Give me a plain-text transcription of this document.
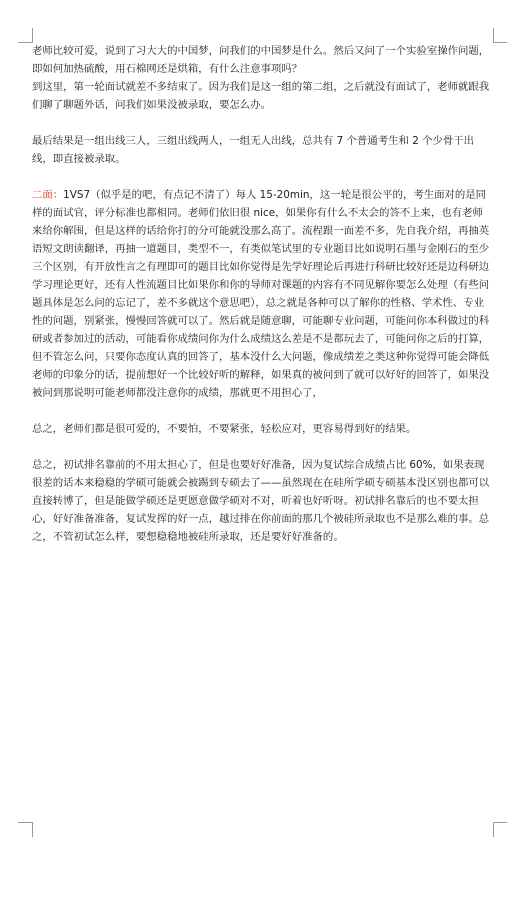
老师比较可爱，说到了习大大的中国梦，问我们的中国梦是什么。然后又问了一个实验室操作问题，即如何加热硫酸，用石棉网还是烘箱，有什么注意事项吗？

到这里，第一轮面试就差不多结束了。因为我们是这一组的第二组，之后就没有面试了，老师就跟我们聊了聊题外话，问我们如果没被录取，要怎么办。

最后结果是一组出线三人，三组出线两人，一组无人出线，总共有 7 个普通考生和 2 个少骨干出线，即直接被录取。

二面：1VS7（似乎是的吧，有点记不清了）每人 15-20min，这一轮是很公平的，考生面对的是同样的面试官，评分标准也都相同。老师们依旧很 nice，如果你有什么不太会的答不上来，也有老师来给你解围，但是这样的话给你打的分可能就没那么高了。流程跟一面差不多，先自我介绍，再抽英语短文朗读翻译，再抽一道题目，类型不一，有类似笔试里的专业题目比如说明石墨与金刚石的至少三个区别，有开放性言之有理即可的题目比如你觉得是先学好理论后再进行科研比较好还是边科研边学习理论更好，还有人性流题目比如果你和你的导师对课题的内容有不同见解你要怎么处理（有些问题具体是怎么问的忘记了，差不多就这个意思吧），总之就是各种可以了解你的性格、学术性、专业性的问题，别紧张，慢慢回答就可以了。然后就是随意聊，可能聊专业问题，可能问你本科做过的科研或者参加过的活动，可能看你成绩问你为什么成绩这么差是不是都玩去了，可能问你之后的打算，但不管怎么问，只要你态度认真的回答了，基本没什么大问题，像成绩差之类这种你觉得可能会降低老师的印象分的话，提前想好一个比较好听的解释，如果真的被问到了就可以好好的回答了，如果没被问到那说明可能老师都没注意你的成绩，那就更不用担心了，

总之，老师们都是很可爱的，不要怕，不要紧张，轻松应对，更容易得到好的结果。

总之，初试排名靠前的不用太担心了，但是也要好好准备，因为复试综合成绩占比 60%，如果表现很差的话本来稳稳的学硕可能就会被踢到专硕去了——虽然现在在硅所学硕专硕基本没区别也都可以直接转博了，但是能做学硕还是更愿意做学硕对不对，听着也好听呀。初试排名靠后的也不要太担心，好好准备准备，复试发挥的好一点，越过排在你前面的那几个被硅所录取也不是那么难的事。总之，不管初试怎么样，要想稳稳地被硅所录取，还是要好好准备的。
